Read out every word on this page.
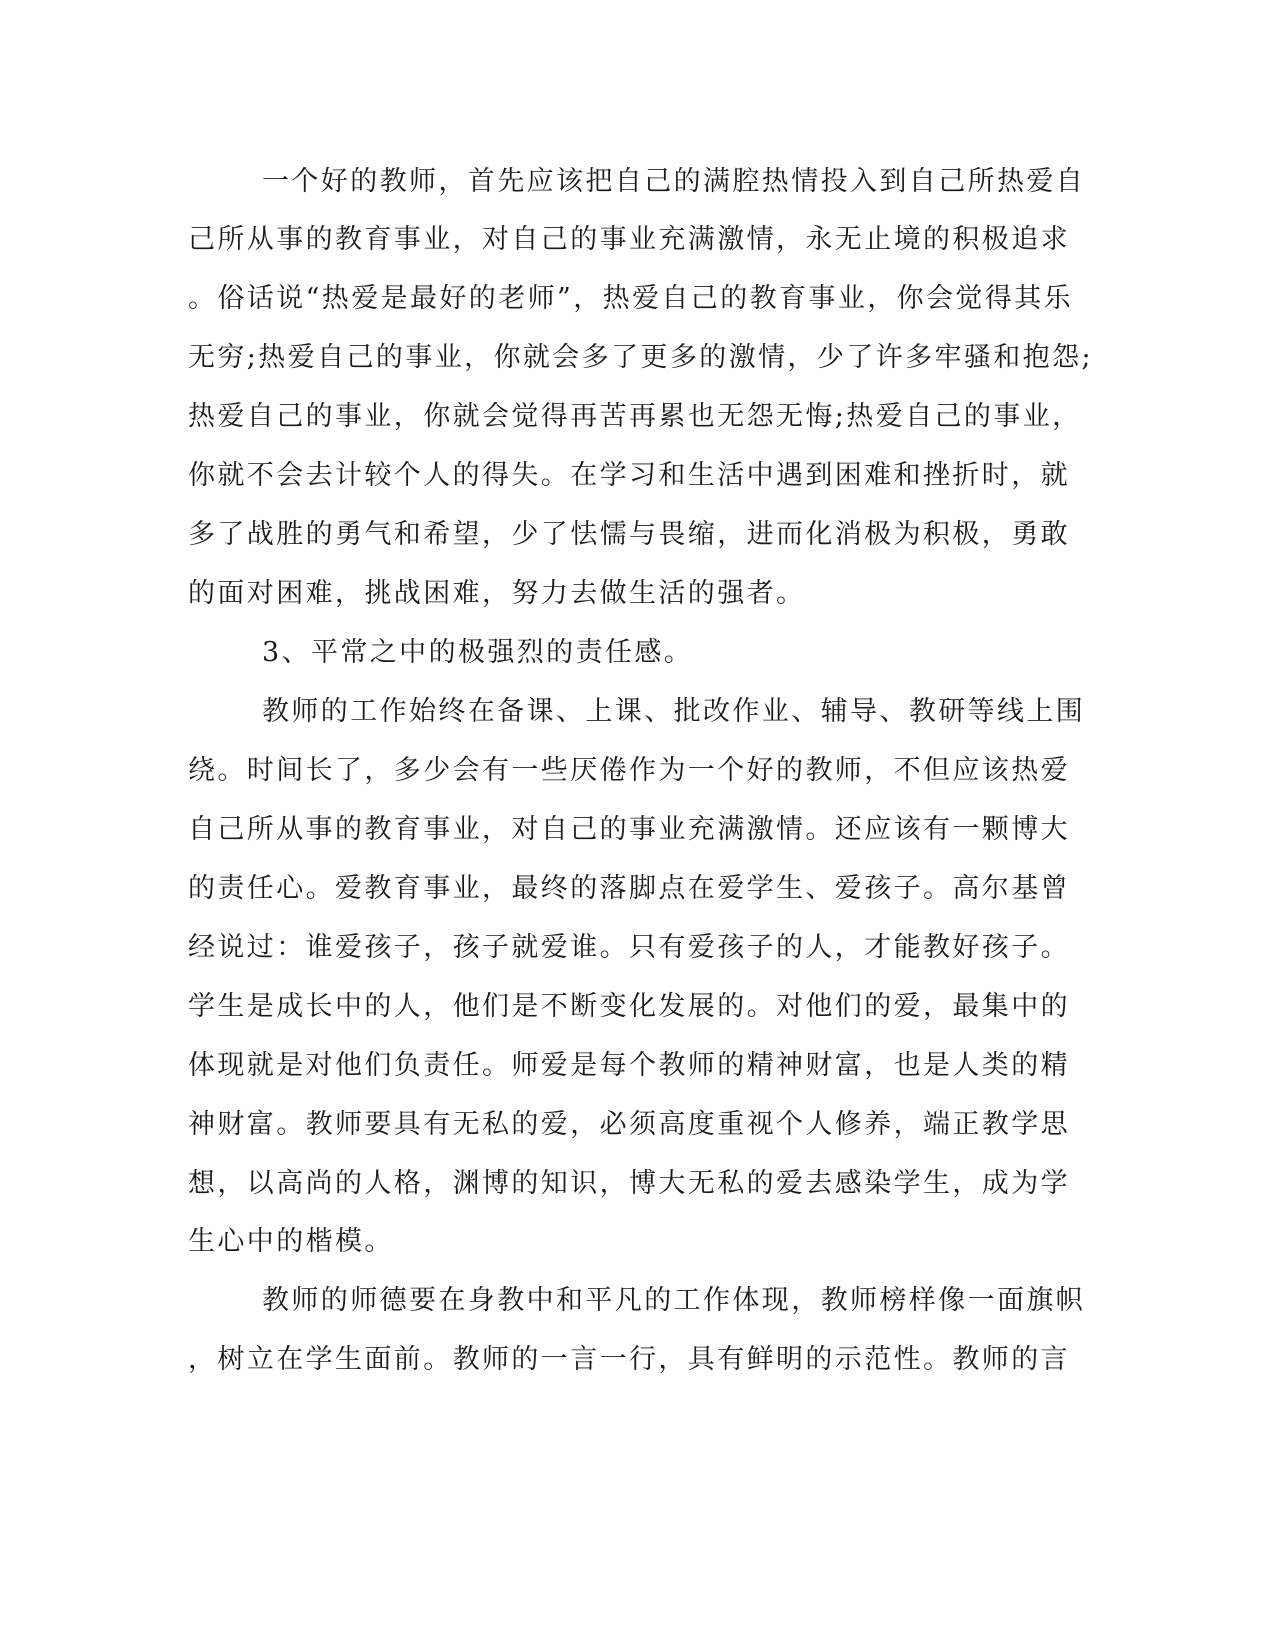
一个好的教师，首先应该把自己的满腔热情投入到自己所热爱自
己所从事的教育事业，对自己的事业充满激情，永无止境的积极追求
。俗话说“热爱是最好的老师”，热爱自己的教育事业，你会觉得其乐
无穷;热爱自己的事业，你就会多了更多的激情，少了许多牢骚和抱怨;
热爱自己的事业，你就会觉得再苦再累也无怨无悔;热爱自己的事业，
你就不会去计较个人的得失。在学习和生活中遇到困难和挫折时，就
多了战胜的勇气和希望，少了怯懦与畏缩，进而化消极为积极，勇敢
的面对困难，挑战困难，努力去做生活的强者。
3、平常之中的极强烈的责任感。
教师的工作始终在备课、上课、批改作业、辅导、教研等线上围
绕。时间长了，多少会有一些厌倦作为一个好的教师，不但应该热爱
自己所从事的教育事业，对自己的事业充满激情。还应该有一颗博大
的责任心。爱教育事业，最终的落脚点在爱学生、爱孩子。高尔基曾
经说过：谁爱孩子，孩子就爱谁。只有爱孩子的人，才能教好孩子。
学生是成长中的人，他们是不断变化发展的。对他们的爱，最集中的
体现就是对他们负责任。师爱是每个教师的精神财富，也是人类的精
神财富。教师要具有无私的爱，必须高度重视个人修养，端正教学思
想，以高尚的人格，渊博的知识，博大无私的爱去感染学生，成为学
生心中的楷模。
教师的师德要在身教中和平凡的工作体现，教师榜样像一面旗帜
，树立在学生面前。教师的一言一行，具有鲜明的示范性。教师的言
